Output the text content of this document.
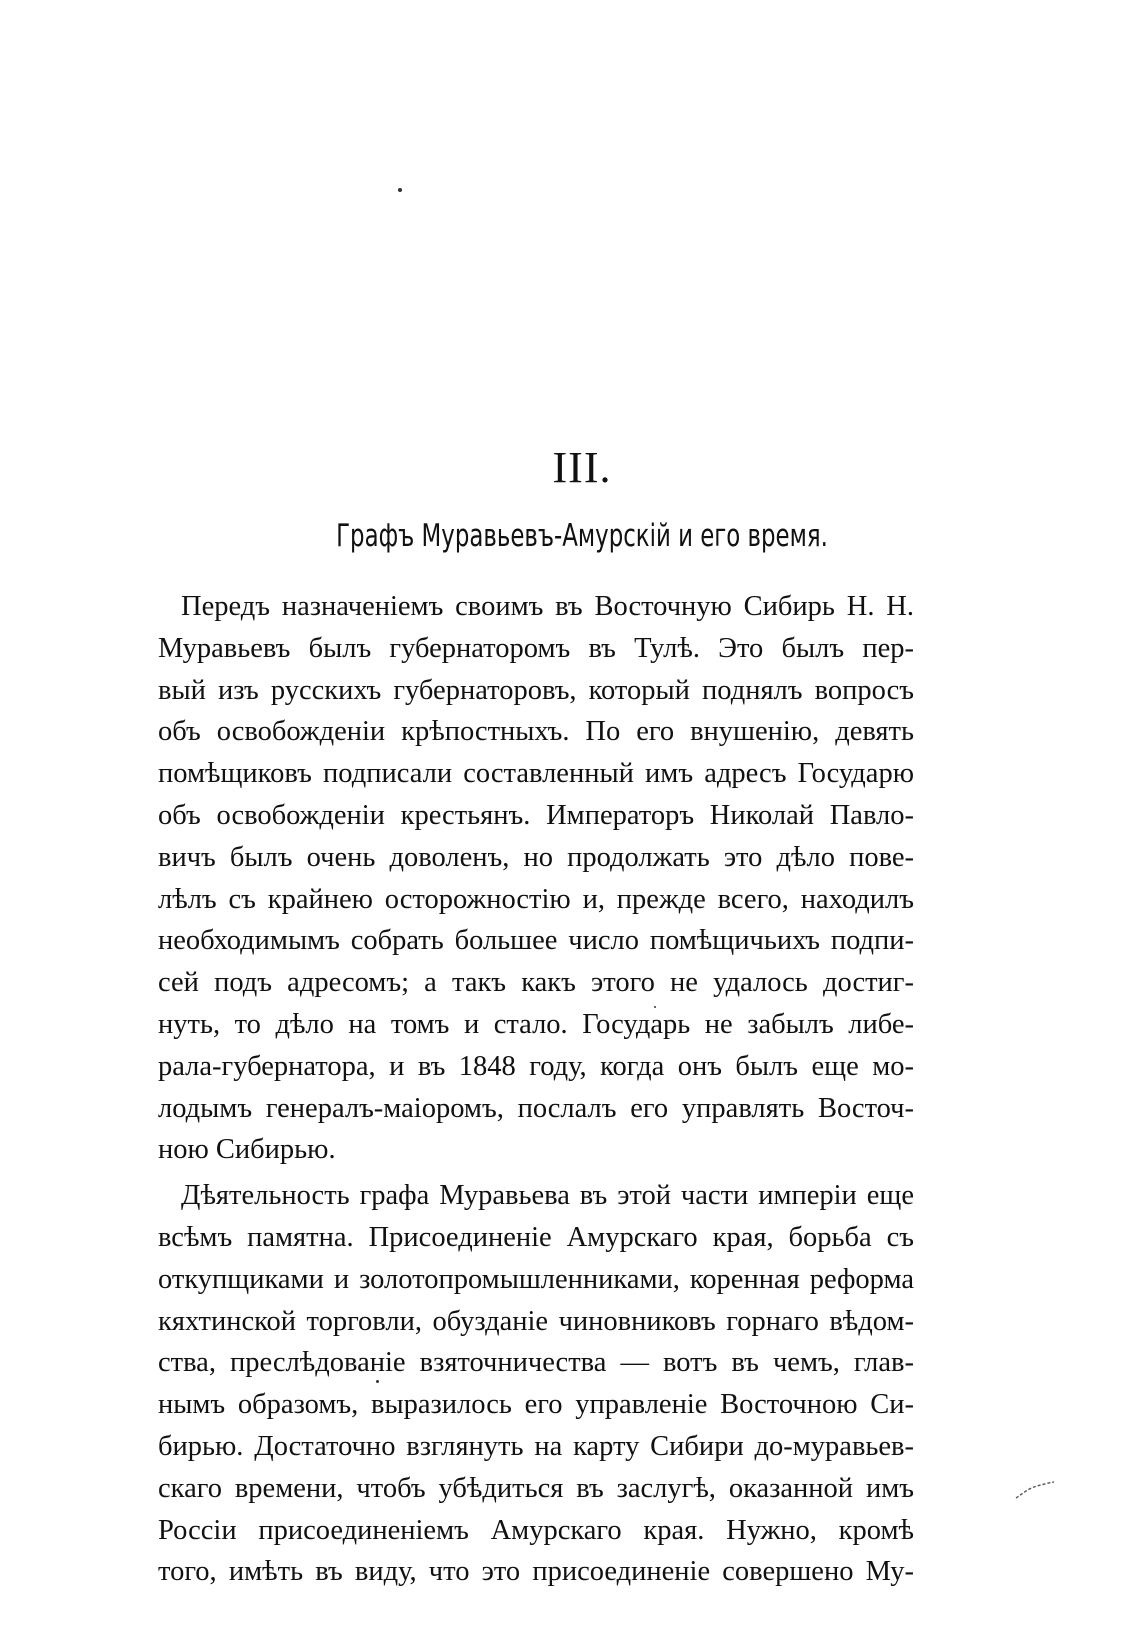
III.
Графъ Муравьевъ-Амурскій и его время.
Передъ назначеніемъ своимъ въ Восточную Сибирь Н. Н.
Муравьевъ былъ губернаторомъ въ Тулѣ. Это былъ пер-
вый изъ русскихъ губернаторовъ, который поднялъ вопросъ
объ освобожденіи крѣпостныхъ. По его внушенію, девять
помѣщиковъ подписали составленный имъ адресъ Государю
объ освобожденіи крестьянъ. Императоръ Николай Павло-
вичъ былъ очень доволенъ, но продолжать это дѣло пове-
лѣлъ съ крайнею осторожностію и, прежде всего, находилъ
необходимымъ собрать большее число помѣщичьихъ подпи-
сей подъ адресомъ; а такъ какъ этого не удалось достиг-
нуть, то дѣло на томъ и стало. Государь не забылъ либе-
рала-губернатора, и въ 1848 году, когда онъ былъ еще мо-
лодымъ генералъ-маіоромъ, послалъ его управлять Восточ-
ною Сибирью.
Дѣятельность графа Муравьева въ этой части имперіи еще
всѣмъ памятна. Присоединеніе Амурскаго края, борьба съ
откупщиками и золотопромышленниками, коренная реформа
кяхтинской торговли, обузданіе чиновниковъ горнаго вѣдом-
ства, преслѣдованіе взяточничества — вотъ въ чемъ, глав-
нымъ образомъ, выразилось его управленіе Восточною Си-
бирью. Достаточно взглянуть на карту Сибири до-муравьев-
скаго времени, чтобъ убѣдиться въ заслугѣ, оказанной имъ
Россіи присоединеніемъ Амурскаго края. Нужно, кромѣ
того, имѣть въ виду, что это присоединеніе совершено Му-
